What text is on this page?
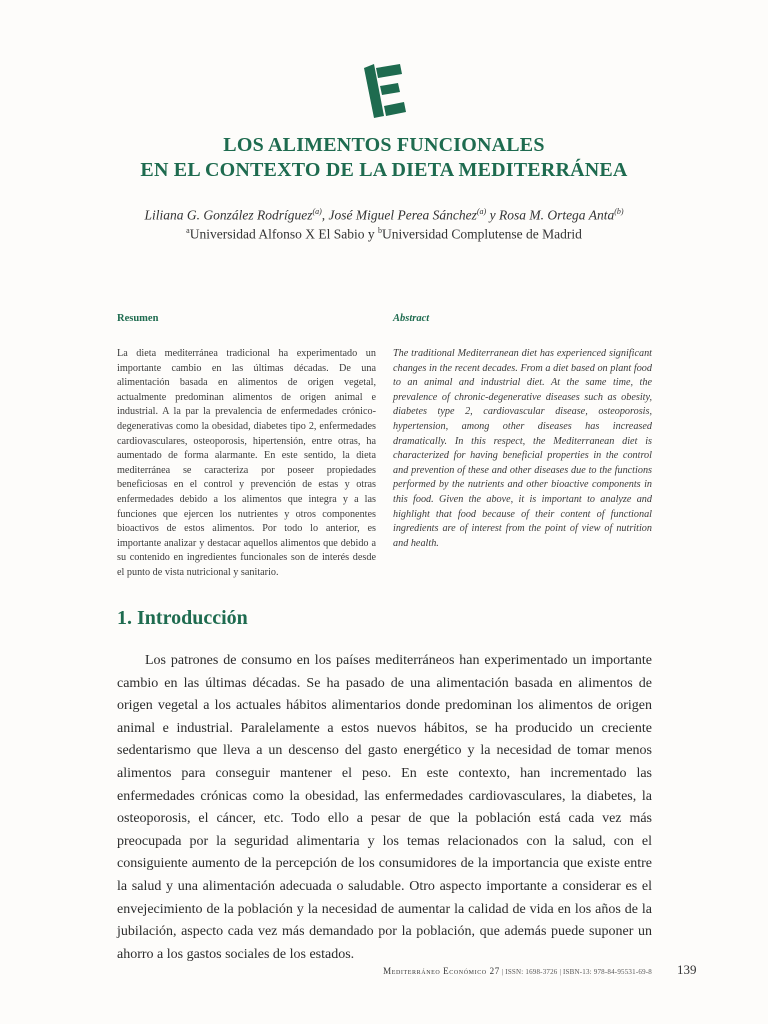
LOS ALIMENTOS FUNCIONALES
EN EL CONTEXTO DE LA DIETA MEDITERRÁNEA
Liliana G. González Rodríguez$^{(a)}$, José Miguel Perea Sánchez$^{(a)}$ y Rosa M. Ortega Anta$^{(b)}$
$^a$Universidad Alfonso X El Sabio y $^b$Universidad Complutense de Madrid
Resumen	Abstract
La dieta mediterránea tradicional ha experimentado un importante cambio en las últimas décadas. De una alimentación basada en alimentos de origen vegetal, actualmente predominan alimentos de origen animal e industrial. A la par la prevalencia de enfermedades crónico-degenerativas como la obesidad, diabetes tipo 2, enfermedades cardiovasculares, osteoporosis, hipertensión, entre otras, ha aumentado de forma alarmante. En este sentido, la dieta mediterránea se caracteriza por poseer propiedades beneficiosas en el control y prevención de estas y otras enfermedades debido a los alimentos que integra y a las funciones que ejercen los nutrientes y otros componentes bioactivos de estos alimentos. Por todo lo anterior, es importante analizar y destacar aquellos alimentos que debido a su contenido en ingredientes funcionales son de interés desde el punto de vista nutricional y sanitario.
The traditional Mediterranean diet has experienced significant changes in the recent decades. From a diet based on plant food to an animal and industrial diet. At the same time, the prevalence of chronic-degenerative diseases such as obesity, diabetes type 2, cardiovascular disease, osteoporosis, hypertension, among other diseases has increased dramatically. In this respect, the Mediterranean diet is characterized for having beneficial properties in the control and prevention of these and other diseases due to the functions performed by the nutrients and other bioactive components in this food. Given the above, it is important to analyze and highlight that food because of their content of functional ingredients are of interest from the point of view of nutrition and health.
1. Introducción
Los patrones de consumo en los países mediterráneos han experimentado un importante cambio en las últimas décadas. Se ha pasado de una alimentación basada en alimentos de origen vegetal a los actuales hábitos alimentarios donde predominan los alimentos de origen animal e industrial. Paralelamente a estos nuevos hábitos, se ha producido un creciente sedentarismo que lleva a un descenso del gasto energético y la necesidad de tomar menos alimentos para conseguir mantener el peso. En este contexto, han incrementado las enfermedades crónicas como la obesidad, las enfermedades cardiovasculares, la diabetes, la osteoporosis, el cáncer, etc. Todo ello a pesar de que la población está cada vez más preocupada por la seguridad alimentaria y los temas relacionados con la salud, con el consiguiente aumento de la percepción de los consumidores de la importancia que existe entre la salud y una alimentación adecuada o saludable. Otro aspecto importante a considerar es el envejecimiento de la población y la necesidad de aumentar la calidad de vida en los años de la jubilación, aspecto cada vez más demandado por la población, que además puede suponer un ahorro a los gastos sociales de los estados.
Mediterráneo Económico 27 | ISSN: 1698-3726 | ISBN-13: 978-84-95531-69-8 139
